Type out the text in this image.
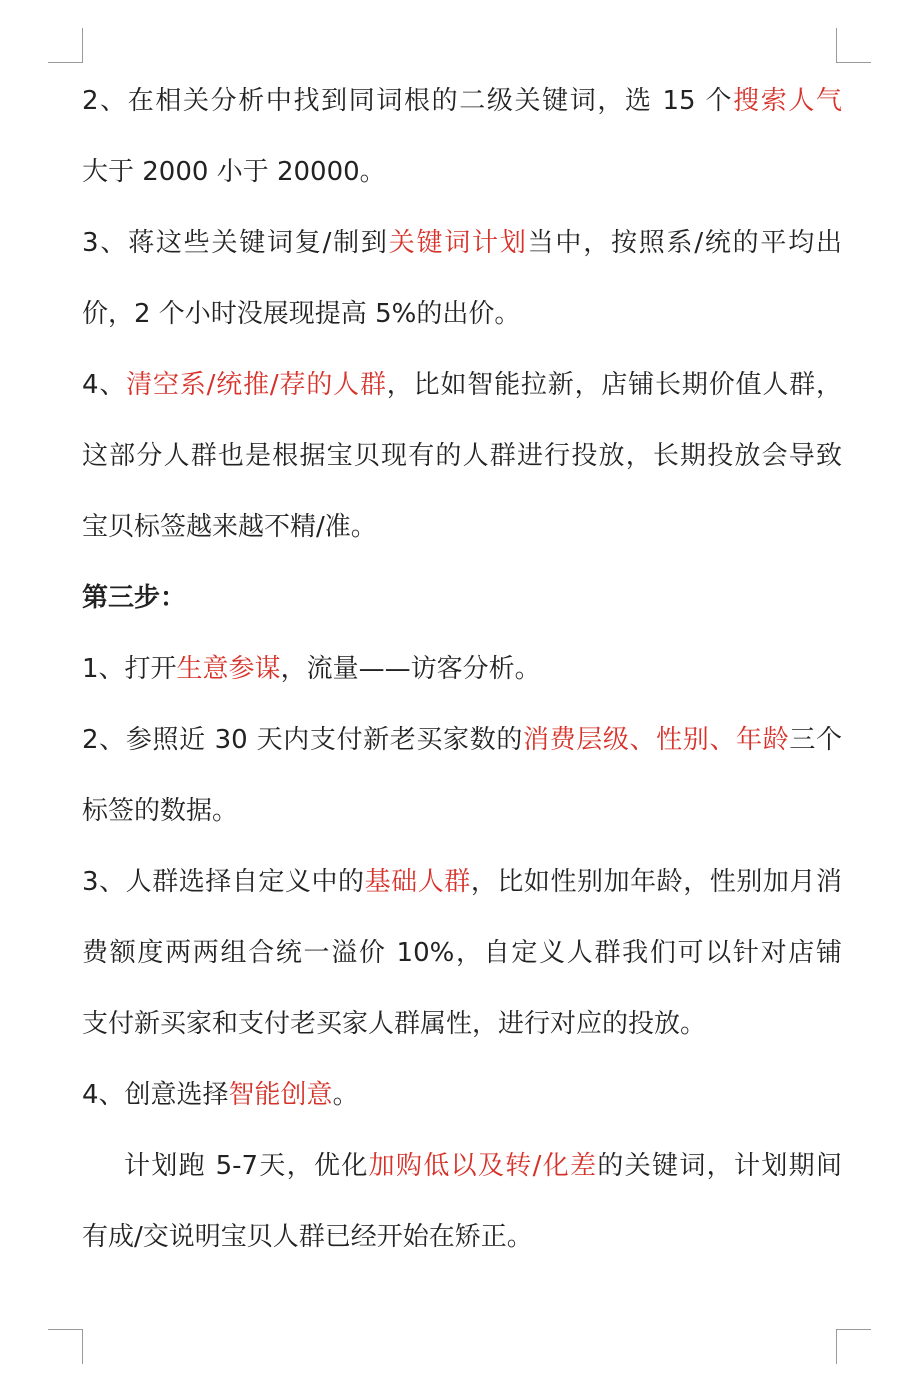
2、在相关分析中找到同词根的二级关键词，选 15 个搜索人气
大于 2000 小于 20000。
3、蒋这些关键词复/制到关键词计划当中，按照系/统的平均出
价，2 个小时没展现提高 5%的出价。
4、清空系/统推/荐的人群，比如智能拉新，店铺长期价值人群，
这部分人群也是根据宝贝现有的人群进行投放，长期投放会导致
宝贝标签越来越不精/准。
第三步：
1、打开生意参谋，流量——访客分析。
2、参照近 30 天内支付新老买家数的消费层级、性别、年龄三个
标签的数据。
3、人群选择自定义中的基础人群，比如性别加年龄，性别加月消
费额度两两组合统一溢价 10%，自定义人群我们可以针对店铺
支付新买家和支付老买家人群属性，进行对应的投放。
4、创意选择智能创意。
计划跑 5-7天，优化加购低以及转/化差的关键词，计划期间
有成/交说明宝贝人群已经开始在矫正。
